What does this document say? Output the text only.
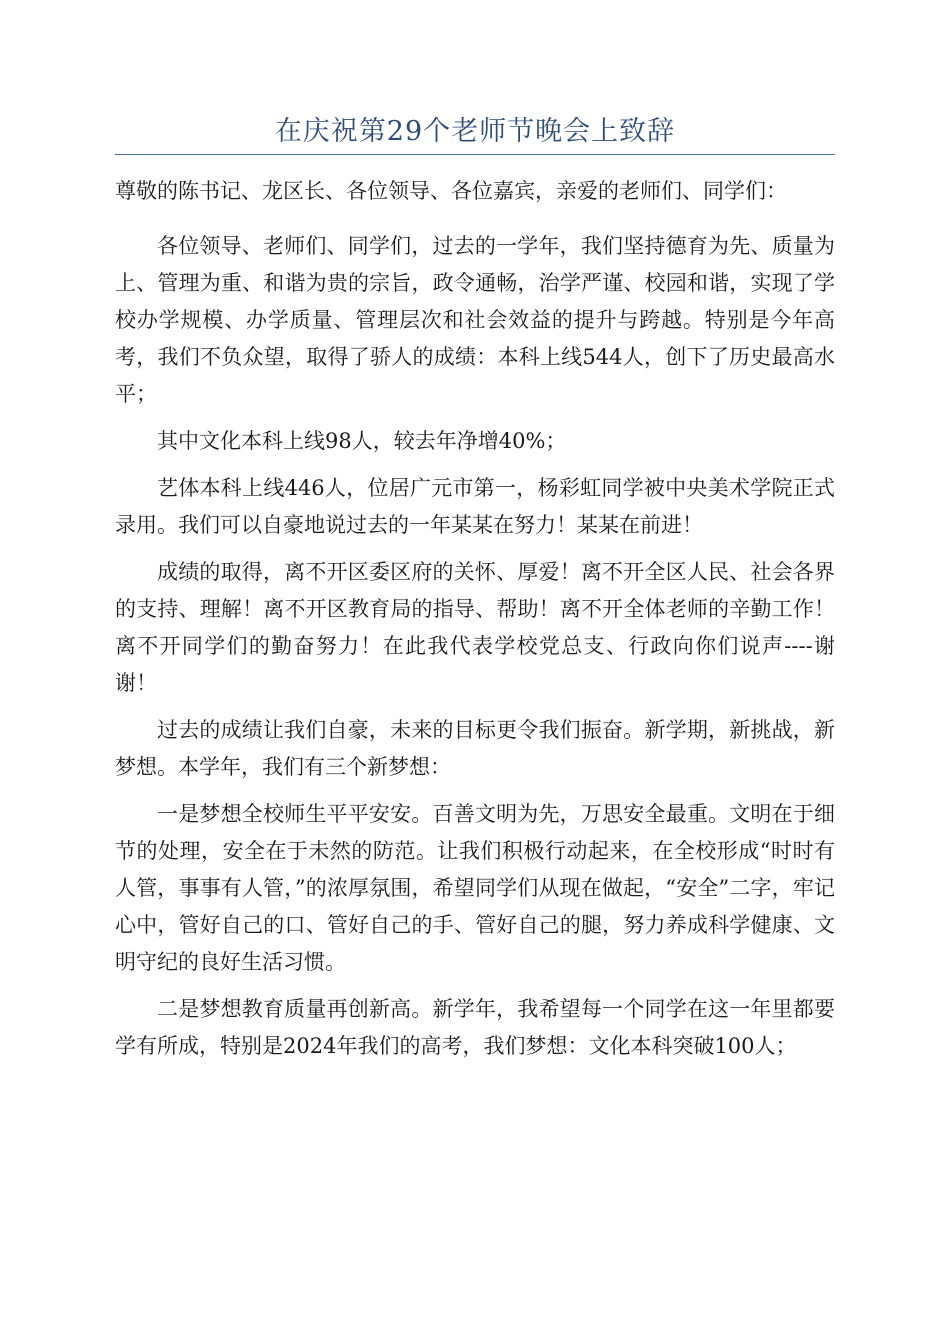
在庆祝第29个老师节晚会上致辞

尊敬的陈书记、龙区长、各位领导、各位嘉宾，亲爱的老师们、同学们：

各位领导、老师们、同学们，过去的一学年，我们坚持德育为先、质量为上、管理为重、和谐为贵的宗旨，政令通畅，治学严谨、校园和谐，实现了学校办学规模、办学质量、管理层次和社会效益的提升与跨越。特别是今年高考，我们不负众望，取得了骄人的成绩：本科上线544人，创下了历史最高水平；

其中文化本科上线98人，较去年净增40%；

艺体本科上线446人，位居广元市第一，杨彩虹同学被中央美术学院正式录用。我们可以自豪地说过去的一年某某在努力！某某在前进！

成绩的取得，离不开区委区府的关怀、厚爱！离不开全区人民、社会各界的支持、理解！离不开区教育局的指导、帮助！离不开全体老师的辛勤工作！离不开同学们的勤奋努力！在此我代表学校党总支、行政向你们说声----谢谢！

过去的成绩让我们自豪，未来的目标更令我们振奋。新学期，新挑战，新梦想。本学年，我们有三个新梦想：

一是梦想全校师生平平安安。百善文明为先，万思安全最重。文明在于细节的处理，安全在于未然的防范。让我们积极行动起来，在全校形成“时时有人管，事事有人管，”的浓厚氛围，希望同学们从现在做起，“安全”二字，牢记心中，管好自己的口、管好自己的手、管好自己的腿，努力养成科学健康、文明守纪的良好生活习惯。

二是梦想教育质量再创新高。新学年，我希望每一个同学在这一年里都要学有所成，特别是2024年我们的高考，我们梦想：文化本科突破100人；
